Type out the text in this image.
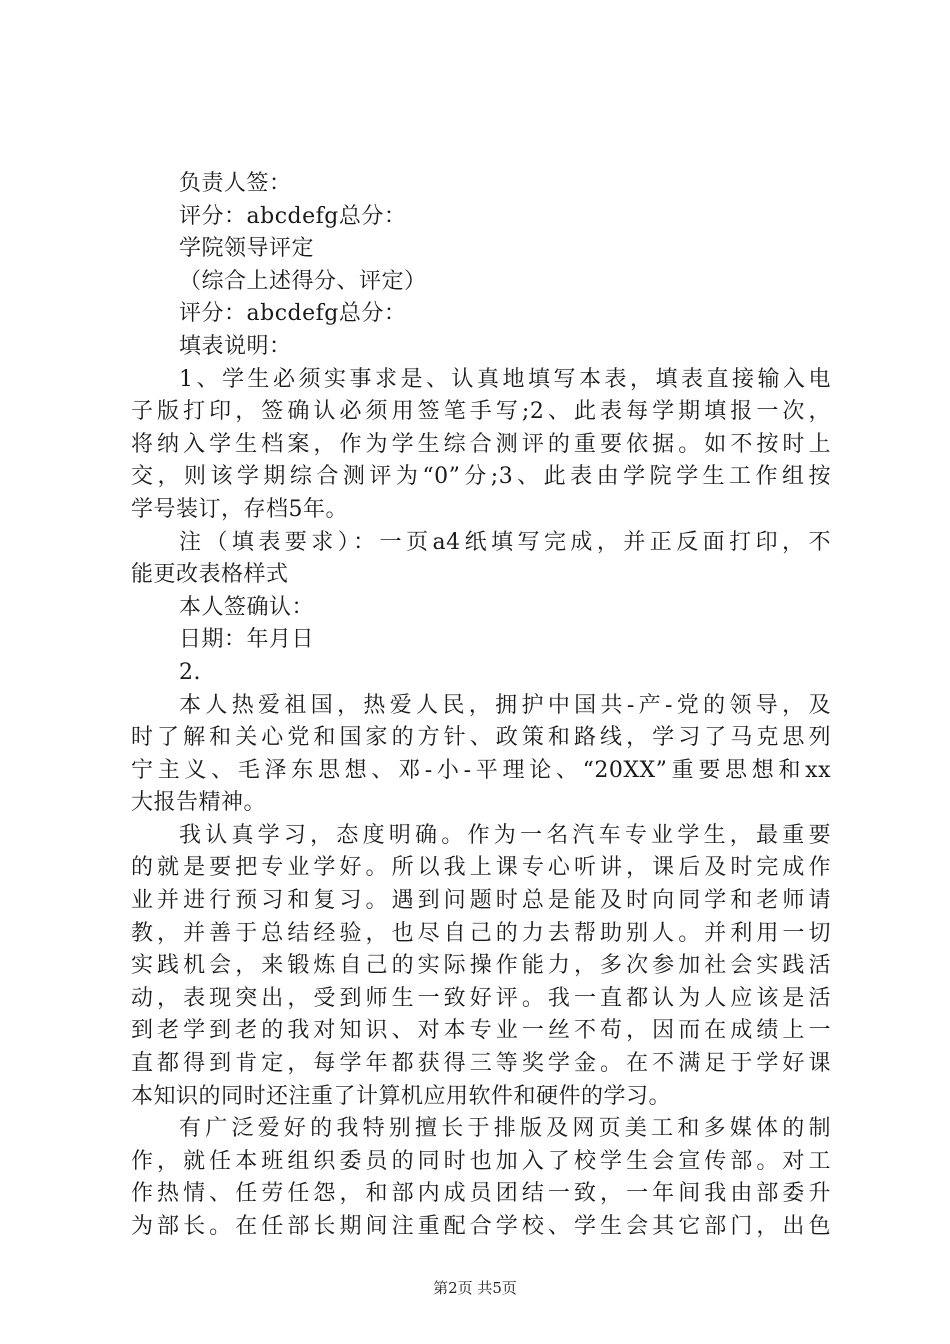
负责人签：
评分：abcdefg总分：
学院领导评定
（综合上述得分、评定）
评分：abcdefg总分：
填表说明：
1、学生必须实事求是、认真地填写本表，填表直接输入电
子版打印，签确认必须用签笔手写;2、此表每学期填报一次，
将纳入学生档案，作为学生综合测评的重要依据。如不按时上
交，则该学期综合测评为“0”分;3、此表由学院学生工作组按
学号装订，存档5年。
注（填表要求）：一页a4纸填写完成，并正反面打印，不
能更改表格样式
本人签确认：
日期：年月日
2.
本人热爱祖国，热爱人民，拥护中国共-产-党的领导，及
时了解和关心党和国家的方针、政策和路线，学习了马克思列
宁主义、毛泽东思想、邓-小-平理论、“20XX”重要思想和xx
大报告精神。
我认真学习，态度明确。作为一名汽车专业学生，最重要
的就是要把专业学好。所以我上课专心听讲，课后及时完成作
业并进行预习和复习。遇到问题时总是能及时向同学和老师请
教，并善于总结经验，也尽自己的力去帮助别人。并利用一切
实践机会，来锻炼自己的实际操作能力，多次参加社会实践活
动，表现突出，受到师生一致好评。我一直都认为人应该是活
到老学到老的我对知识、对本专业一丝不苟，因而在成绩上一
直都得到肯定，每学年都获得三等奖学金。在不满足于学好课
本知识的同时还注重了计算机应用软件和硬件的学习。
有广泛爱好的我特别擅长于排版及网页美工和多媒体的制
作，就任本班组织委员的同时也加入了校学生会宣传部。对工
作热情、任劳任怨，和部内成员团结一致，一年间我由部委升
为部长。在任部长期间注重配合学校、学生会其它部门，出色
第2页 共5页
